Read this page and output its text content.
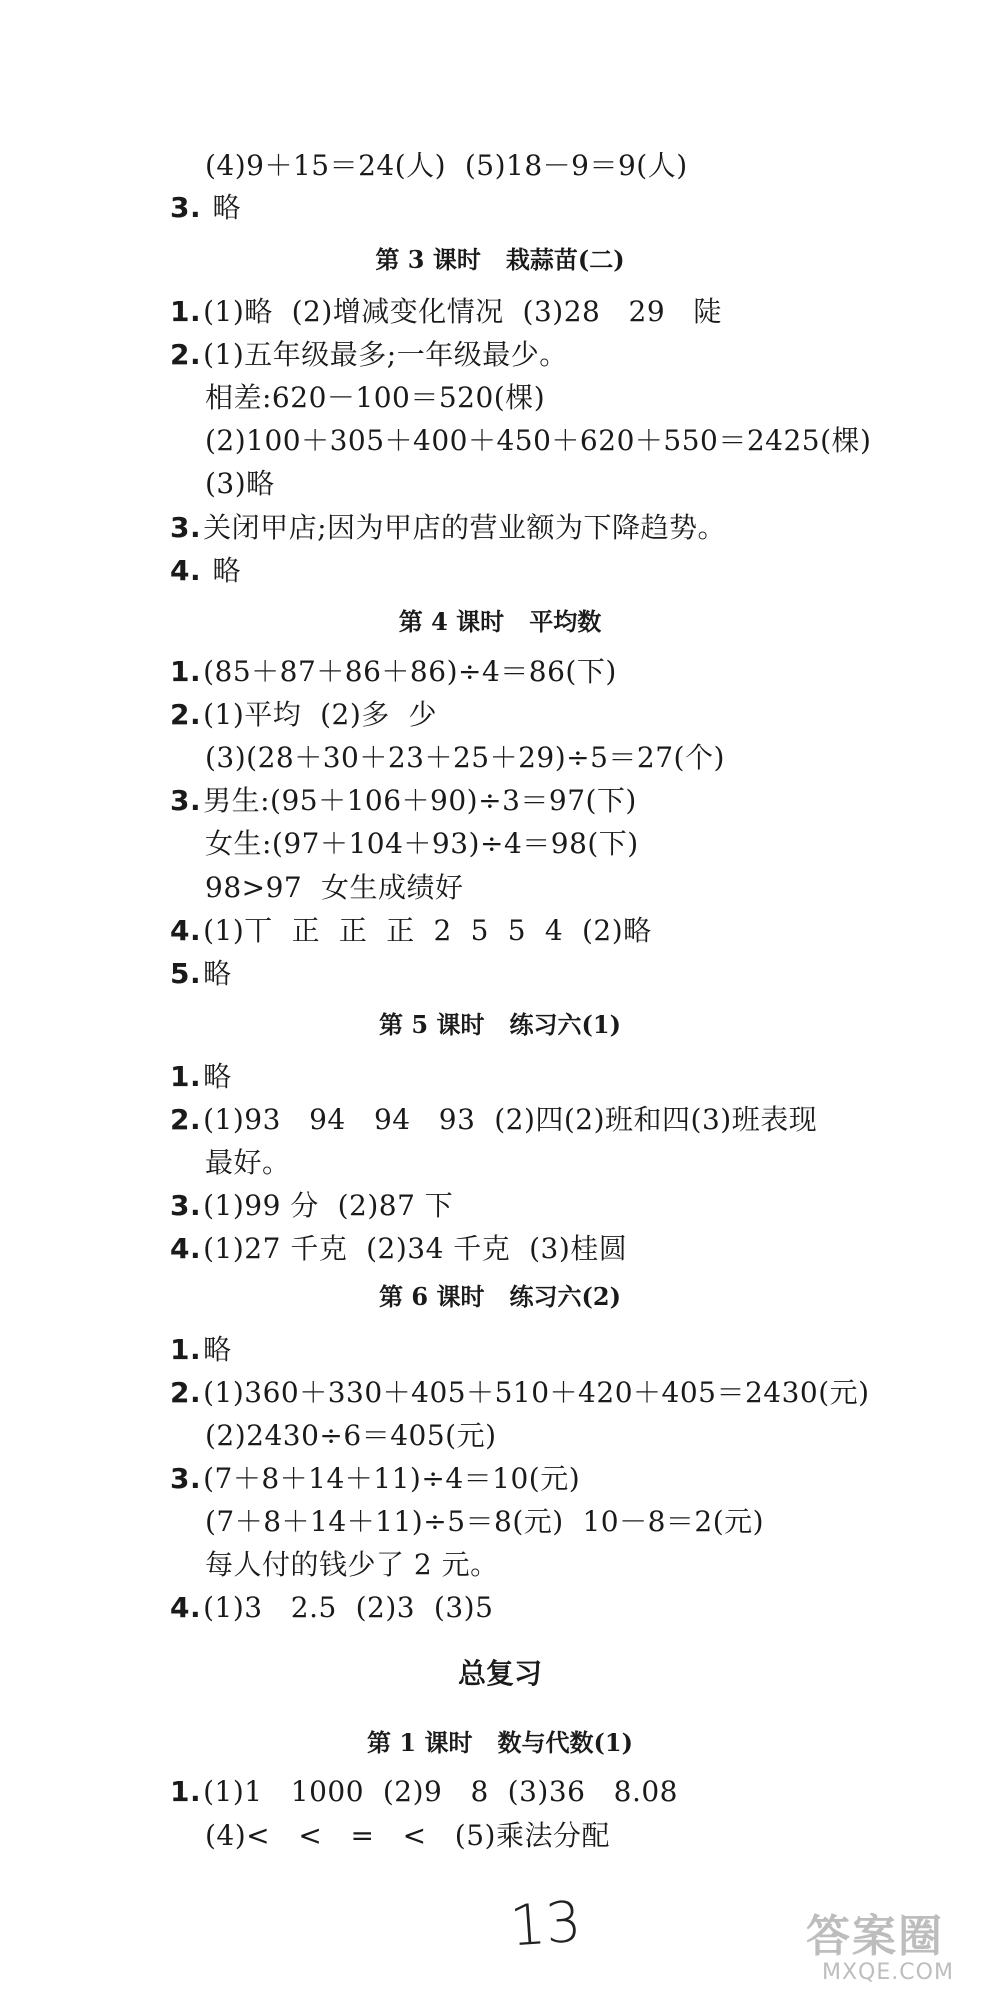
(4)9＋15＝24(人)  (5)18－9＝9(人)
3. 略
第 3 课时   栽蒜苗(二)
1.(1)略  (2)增减变化情况  (3)28   29   陡
2.(1)五年级最多;一年级最少。
相差:620－100＝520(棵)
(2)100＋305＋400＋450＋620＋550＝2425(棵)
(3)略
3.关闭甲店;因为甲店的营业额为下降趋势。
4. 略
第 4 课时   平均数
1.(85＋87＋86＋86)÷4＝86(下)
2.(1)平均  (2)多  少
(3)(28＋30＋23＋25＋29)÷5＝27(个)
3.男生:(95＋106＋90)÷3＝97(下)
女生:(97＋104＋93)÷4＝98(下)
98>97  女生成绩好
4.(1)丅  正  正  正  2  5  5  4  (2)略
5.略
第 5 课时   练习六(1)
1.略
2.(1)93   94   94   93  (2)四(2)班和四(3)班表现
最好。
3.(1)99 分  (2)87 下
4.(1)27 千克  (2)34 千克  (3)桂圆
第 6 课时   练习六(2)
1.略
2.(1)360＋330＋405＋510＋420＋405＝2430(元)
(2)2430÷6＝405(元)
3.(7＋8＋14＋11)÷4＝10(元)
(7＋8＋14＋11)÷5＝8(元)  10－8＝2(元)
每人付的钱少了 2 元。
4.(1)3   2.5  (2)3  (3)5
总复习
第 1 课时   数与代数(1)
1.(1)1   1000  (2)9   8  (3)36   8.08
(4)<   <   =   <   (5)乘法分配
13	答案圈
MXQE.COM
